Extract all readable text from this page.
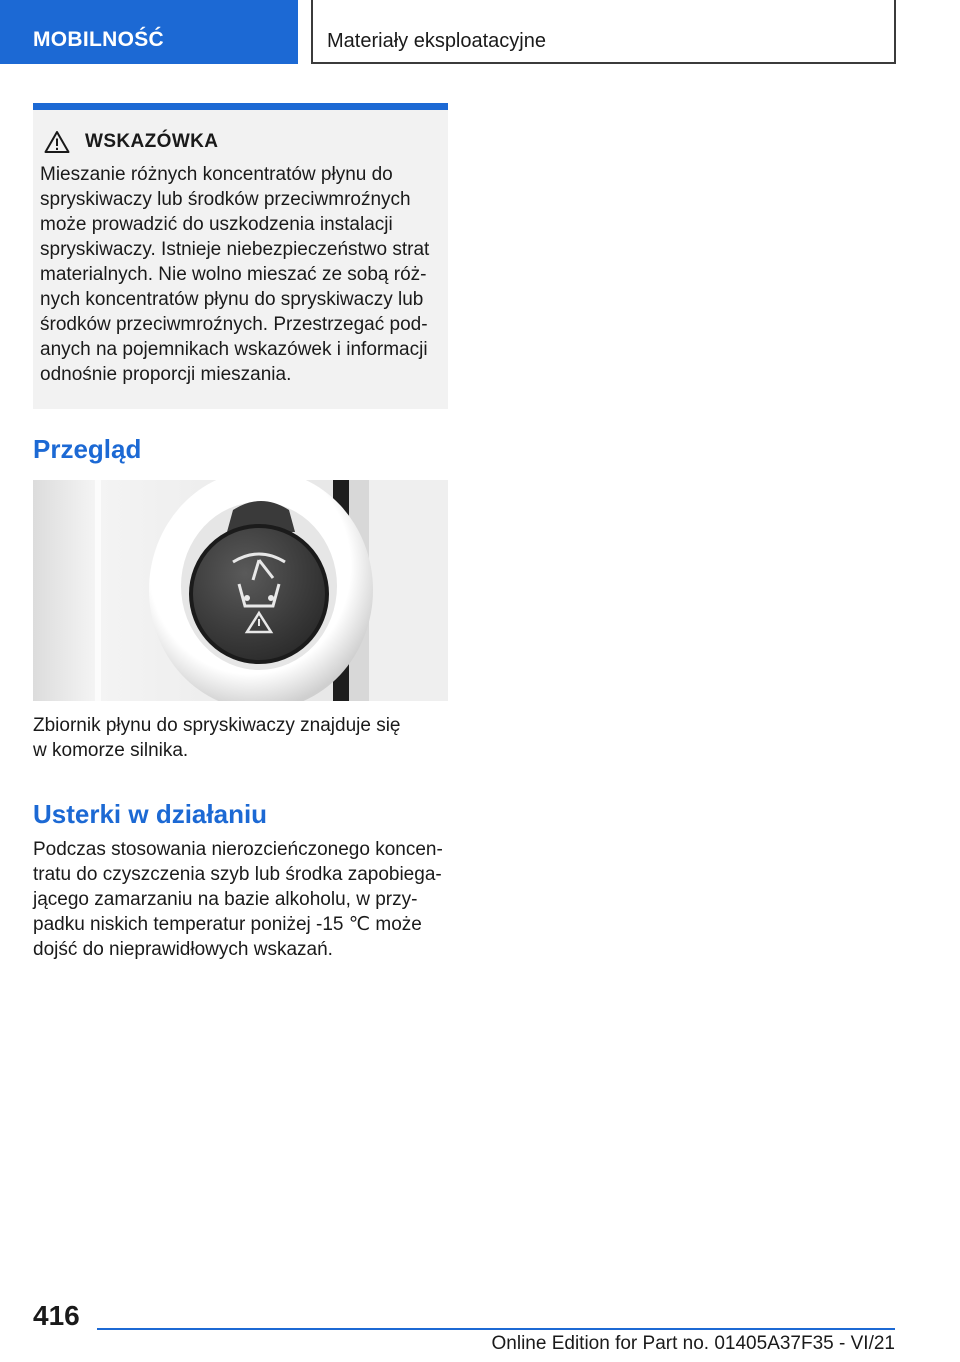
MOBILNOŚĆ	Materiały eksploatacyjne
WSKAZÓWKA
Mieszanie różnych koncentratów płynu do
spryskiwaczy lub środków przeciwmroźnych
może prowadzić do uszkodzenia instalacji
spryskiwaczy. Istnieje niebezpieczeństwo strat
materialnych. Nie wolno mieszać ze sobą róż-
nych koncentratów płynu do spryskiwaczy lub
środków przeciwmroźnych. Przestrzegać pod-
anych na pojemnikach wskazówek i informacji
odnośnie proporcji mieszania.
Przegląd
Zbiornik płynu do spryskiwaczy znajduje się
w komorze silnika.
Usterki w działaniu
Podczas stosowania nierozcieńczonego koncen-
tratu do czyszczenia szyb lub środka zapobiega-
jącego zamarzaniu na bazie alkoholu, w przy-
padku niskich temperatur poniżej -15 ℃ może
dojść do nieprawidłowych wskazań.
416
Online Edition for Part no. 01405A37F35 - VI/21
